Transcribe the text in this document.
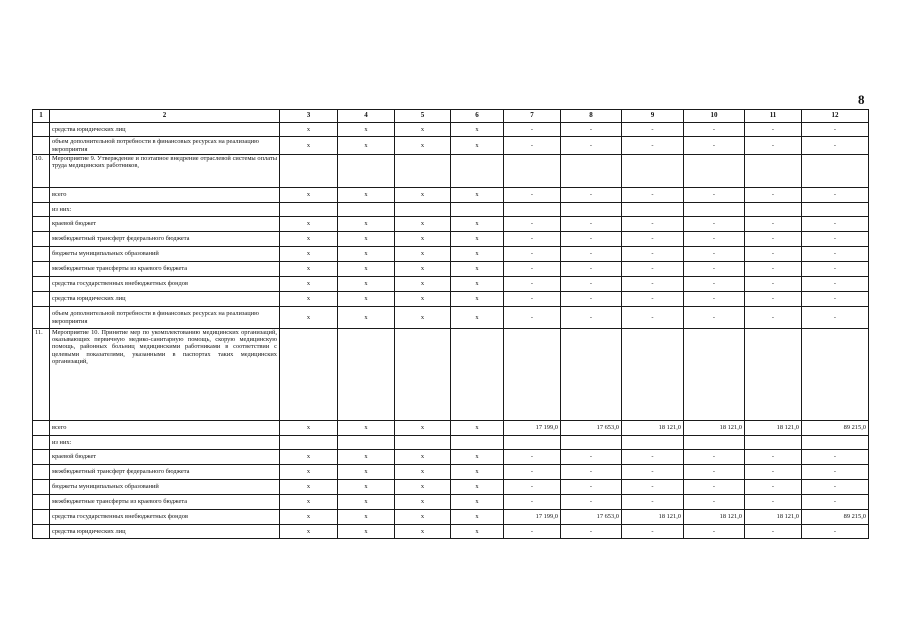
8
1	2	3	4	5	6	7	8	9	10	11	12
	средства юридических лиц	x	x	x	x	-	-	-	-	-	-
	объем дополнительной потребности в финансовых ресурсах на реализацию мероприятия	x	x	x	x	-	-	-	-	-	-
10.	Мероприятие 9. Утверждение и поэтапное внедрение отраслевой системы оплаты труда медицинских работников,										
	всего	x	x	x	x	-	-	-	-	-	-
	из них:										
	краевой бюджет	x	x	x	x	-	-	-	-	-	-
	межбюджетный трансферт федерального бюджета	x	x	x	x	-	-	-	-	-	-
	бюджеты муниципальных образований	x	x	x	x	-	-	-	-	-	-
	межбюджетные трансферты из краевого бюджета	x	x	x	x	-	-	-	-	-	-
	средства государственных внебюджетных фондов	x	x	x	x	-	-	-	-	-	-
	средства юридических лиц	x	x	x	x	-	-	-	-	-	-
	объем дополнительной потребности в финансовых ресурсах на реализацию мероприятия	x	x	x	x	-	-	-	-	-	-
11.	Мероприятие 10. Принятие мер по укомплектованию медицинских организаций, оказывающих первичную медико-санитарную помощь, скорую медицинскую помощь, районных больниц медицинскими работниками в соответствии с целевыми показателями, указанными в паспортах таких медицинских организаций,										
	всего	x	x	x	x	17 199,0	17 653,0	18 121,0	18 121,0	18 121,0	89 215,0
	из них:										
	краевой бюджет	x	x	x	x	-	-	-	-	-	-
	межбюджетный трансферт федерального бюджета	x	x	x	x	-	-	-	-	-	-
	бюджеты муниципальных образований	x	x	x	x	-	-	-	-	-	-
	межбюджетные трансферты из краевого бюджета	x	x	x	x	-	-	-	-	-	-
	средства государственных внебюджетных фондов	x	x	x	x	17 199,0	17 653,0	18 121,0	18 121,0	18 121,0	89 215,0
	средства юридических лиц	x	x	x	x	-	-	-	-	-	-
